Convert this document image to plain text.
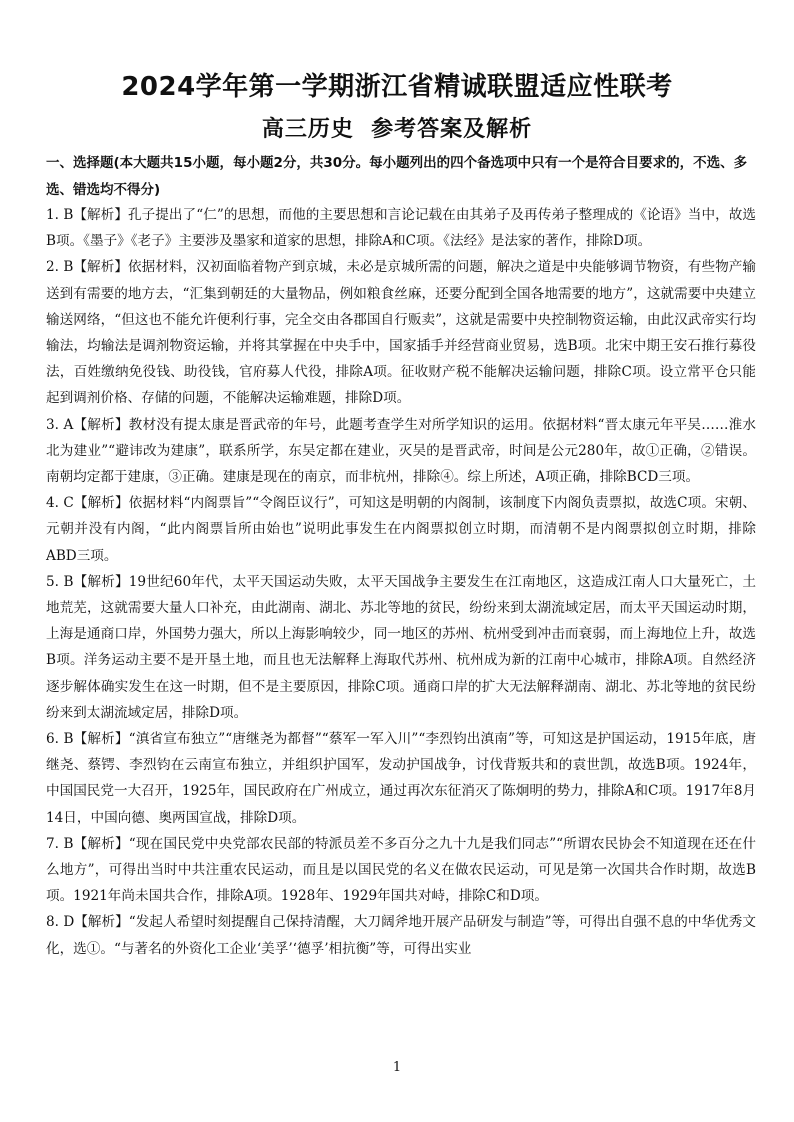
2024学年第一学期浙江省精诚联盟适应性联考
高三历史  参考答案及解析
一、选择题(本大题共15小题，每小题2分，共30分。每小题列出的四个备选项中只有一个是符合目要求的，不选、多选、错选均不得分)

1. B【解析】孔子提出了“仁”的思想，而他的主要思想和言论记载在由其弟子及再传弟子整理成的《论语》当中，故选B项。《墨子》《老子》主要涉及墨家和道家的思想，排除A和C项。《法经》是法家的著作，排除D项。

2. B【解析】依据材料，汉初面临着物产到京城，未必是京城所需的问题，解决之道是中央能够调节物资，有些物产输送到有需要的地方去，“汇集到朝廷的大量物品，例如粮食丝麻，还要分配到全国各地需要的地方”，这就需要中央建立输送网络，“但这也不能允许便利行事，完全交由各郡国自行贩卖”，这就是需要中央控制物资运输，由此汉武帝实行均输法，均输法是调剂物资运输，并将其掌握在中央手中，国家插手并经营商业贸易，选B项。北宋中期王安石推行募役法，百姓缴纳免役钱、助役钱，官府募人代役，排除A项。征收财产税不能解决运输问题，排除C项。设立常平仓只能起到调剂价格、存储的问题，不能解决运输难题，排除D项。

3. A【解析】教材没有提太康是晋武帝的年号，此题考查学生对所学知识的运用。依据材料“晋太康元年平吴……淮水北为建业”“避讳改为建康”，联系所学，东吴定都在建业，灭吴的是晋武帝，时间是公元280年，故①正确，②错误。南朝均定都于建康，③正确。建康是现在的南京，而非杭州，排除④。综上所述，A项正确，排除BCD三项。

4. C【解析】依据材料“内阁票旨”“令阁臣议行”，可知这是明朝的内阁制，该制度下内阁负责票拟，故选C项。宋朝、元朝并没有内阁，“此内阁票旨所由始也”说明此事发生在内阁票拟创立时期，而清朝不是内阁票拟创立时期，排除ABD三项。

5. B【解析】19世纪60年代，太平天国运动失败，太平天国战争主要发生在江南地区，这造成江南人口大量死亡，土地荒芜，这就需要大量人口补充，由此湖南、湖北、苏北等地的贫民，纷纷来到太湖流域定居，而太平天国运动时期，上海是通商口岸，外国势力强大，所以上海影响较少，同一地区的苏州、杭州受到冲击而衰弱，而上海地位上升，故选B项。洋务运动主要不是开垦土地，而且也无法解释上海取代苏州、杭州成为新的江南中心城市，排除A项。自然经济逐步解体确实发生在这一时期，但不是主要原因，排除C项。通商口岸的扩大无法解释湖南、湖北、苏北等地的贫民纷纷来到太湖流域定居，排除D项。

6. B【解析】“滇省宣布独立”“唐继尧为都督”“蔡军一军入川”“李烈钧出滇南”等，可知这是护国运动，1915年底，唐继尧、蔡锷、李烈钧在云南宣布独立，并组织护国军，发动护国战争，讨伐背叛共和的袁世凯，故选B项。1924年，中国国民党一大召开，1925年，国民政府在广州成立，通过再次东征消灭了陈炯明的势力，排除A和C项。1917年8月14日，中国向德、奥两国宣战，排除D项。

7. B【解析】“现在国民党中央党部农民部的特派员差不多百分之九十九是我们同志”“所谓农民协会不知道现在还在什么地方”，可得出当时中共注重农民运动，而且是以国民党的名义在做农民运动，可见是第一次国共合作时期，故选B项。1921年尚未国共合作，排除A项。1928年、1929年国共对峙，排除C和D项。

8. D【解析】“发起人希望时刻提醒自己保持清醒，大刀阔斧地开展产品研发与制造”等，可得出自强不息的中华优秀文化，选①。“与著名的外资化工企业‘美孚’‘德孚’相抗衡”等，可得出实业

1
